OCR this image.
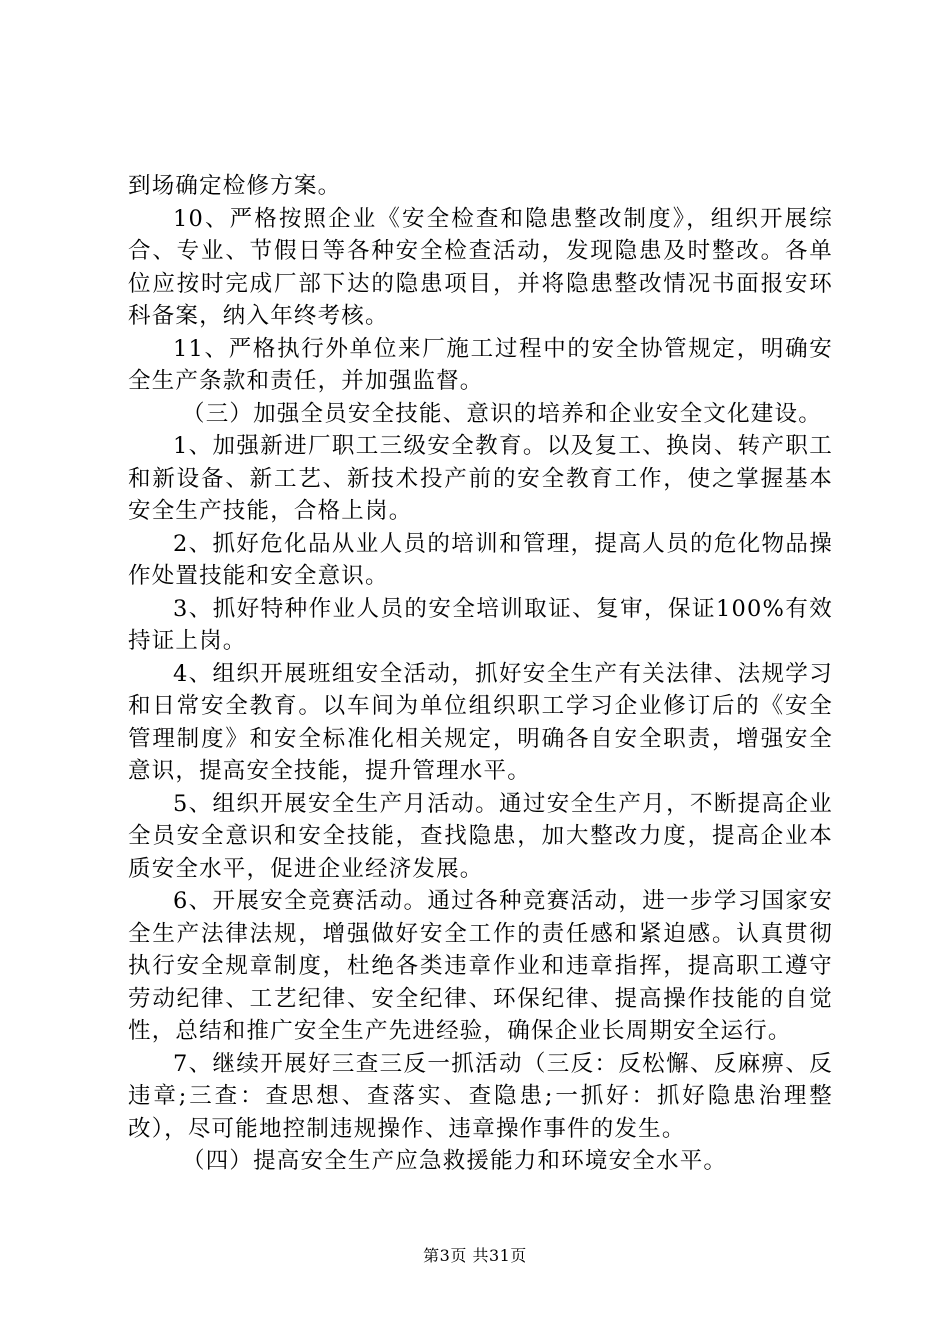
到场确定检修方案。

10、严格按照企业《安全检查和隐患整改制度》，组织开展综合、专业、节假日等各种安全检查活动，发现隐患及时整改。各单位应按时完成厂部下达的隐患项目，并将隐患整改情况书面报安环科备案，纳入年终考核。

11、严格执行外单位来厂施工过程中的安全协管规定，明确安全生产条款和责任，并加强监督。

（三）加强全员安全技能、意识的培养和企业安全文化建设。

1、加强新进厂职工三级安全教育。以及复工、换岗、转产职工和新设备、新工艺、新技术投产前的安全教育工作，使之掌握基本安全生产技能，合格上岗。

2、抓好危化品从业人员的培训和管理，提高人员的危化物品操作处置技能和安全意识。

3、抓好特种作业人员的安全培训取证、复审，保证100%有效持证上岗。

4、组织开展班组安全活动，抓好安全生产有关法律、法规学习和日常安全教育。以车间为单位组织职工学习企业修订后的《安全管理制度》和安全标准化相关规定，明确各自安全职责，增强安全意识，提高安全技能，提升管理水平。

5、组织开展安全生产月活动。通过安全生产月，不断提高企业全员安全意识和安全技能，查找隐患，加大整改力度，提高企业本质安全水平，促进企业经济发展。

6、开展安全竞赛活动。通过各种竞赛活动，进一步学习国家安全生产法律法规，增强做好安全工作的责任感和紧迫感。认真贯彻执行安全规章制度，杜绝各类违章作业和违章指挥，提高职工遵守劳动纪律、工艺纪律、安全纪律、环保纪律、提高操作技能的自觉性，总结和推广安全生产先进经验，确保企业长周期安全运行。

7、继续开展好三查三反一抓活动（三反：反松懈、反麻痹、反违章;三查：查思想、查落实、查隐患;一抓好：抓好隐患治理整改），尽可能地控制违规操作、违章操作事件的发生。

（四）提高安全生产应急救援能力和环境安全水平。

第3页 共31页
